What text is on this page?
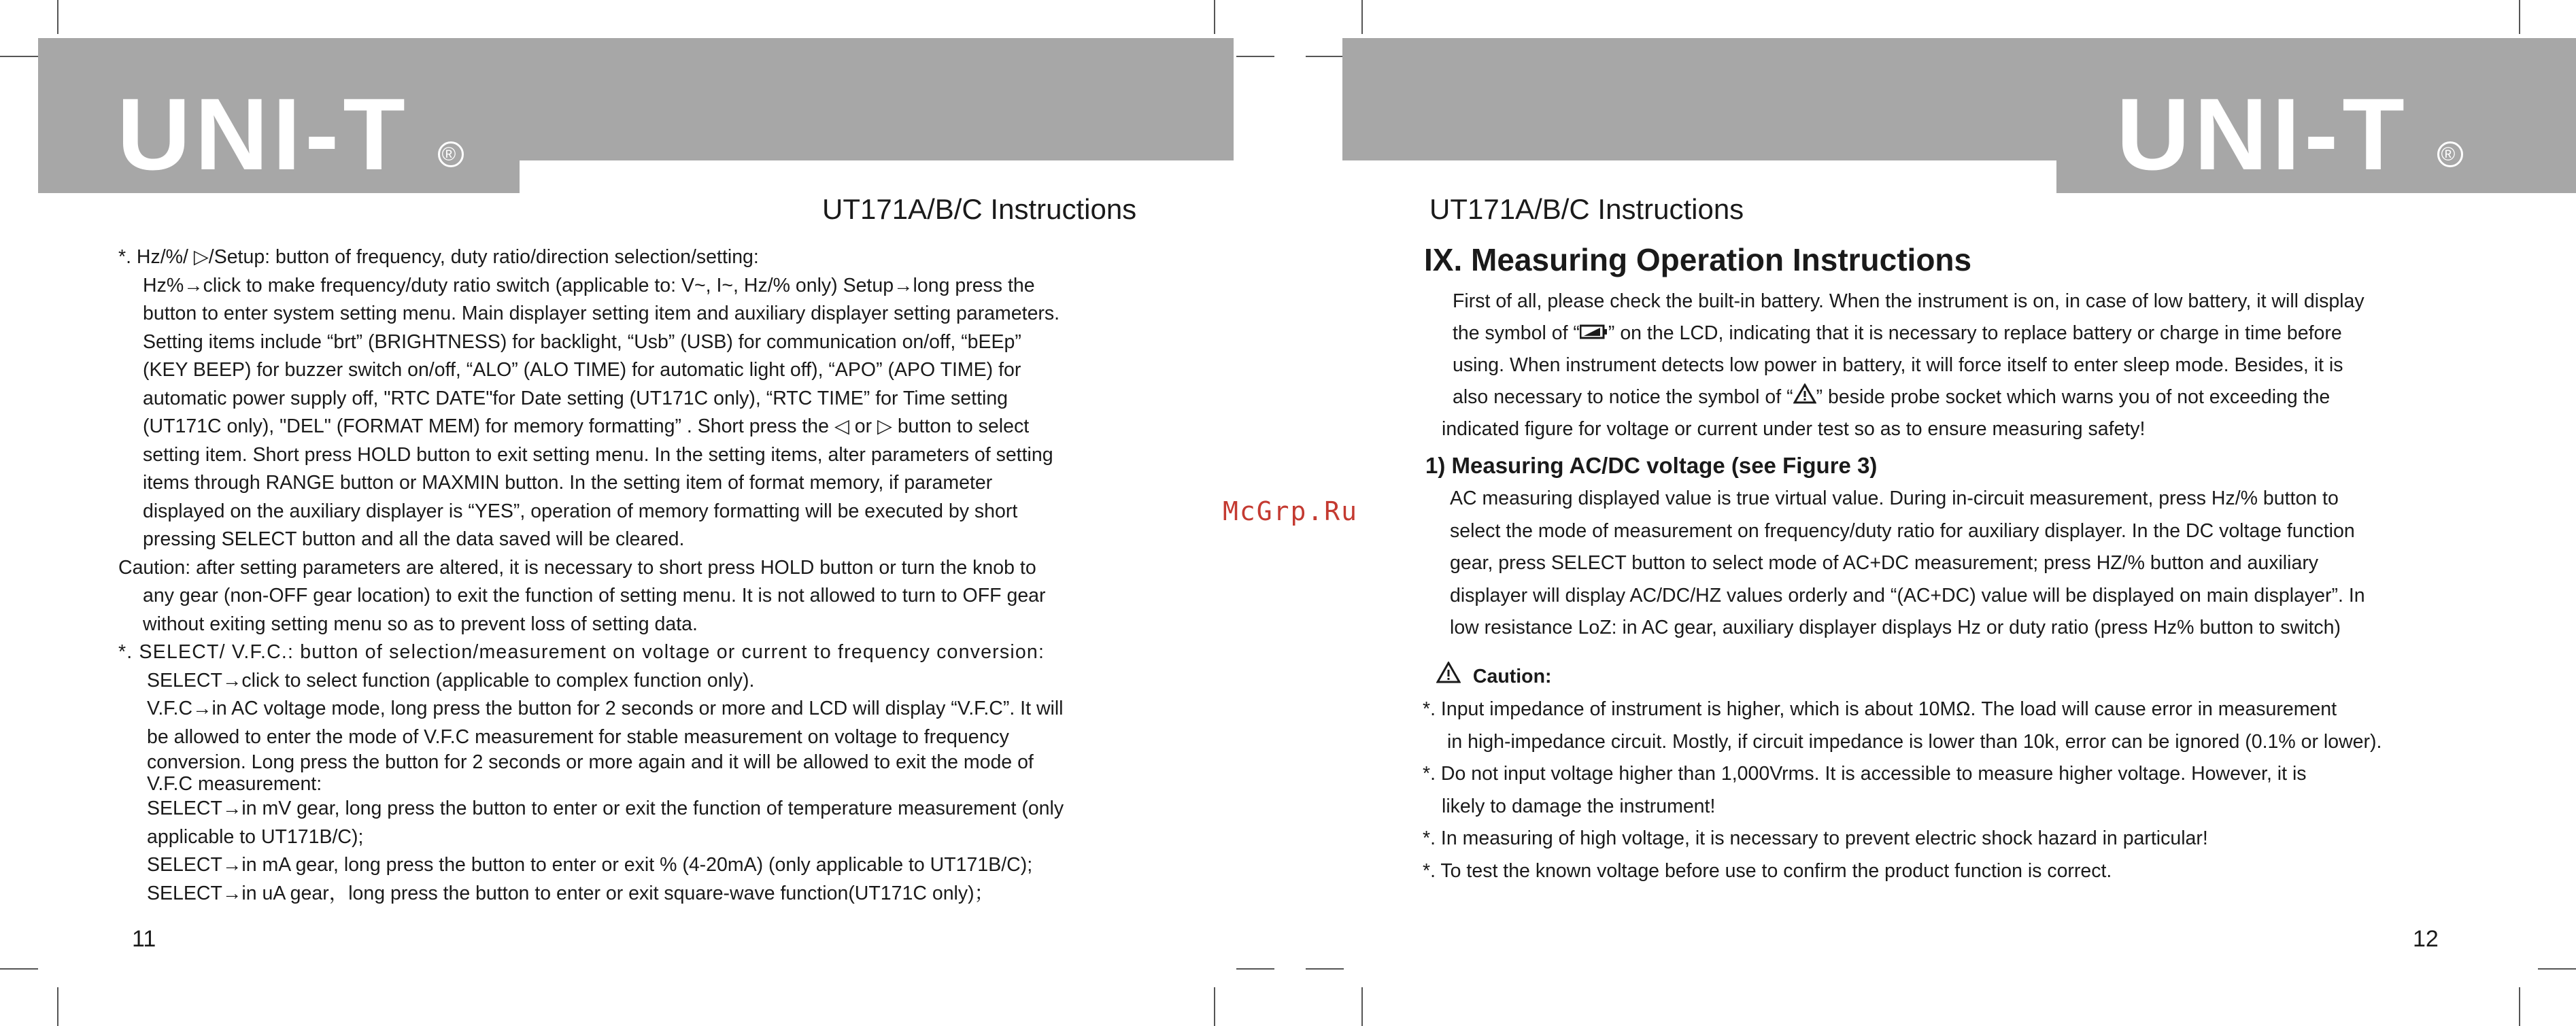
UNI-T ®
UT171A/B/C Instructions

*. Hz/%/ ▷/Setup: button of frequency, duty ratio/direction selection/setting:

Hz%→click to make frequency/duty ratio switch (applicable to: V~, I~, Hz/% only) Setup→long press the

button to enter system setting menu. Main displayer setting item and auxiliary displayer setting parameters.

Setting items include “brt” (BRIGHTNESS) for backlight, “Usb” (USB) for communication on/off, “bEEp”

(KEY BEEP) for buzzer switch on/off, “ALO” (ALO TIME) for automatic light off), “APO” (APO TIME) for

automatic power supply off, "RTC DATE"for Date setting (UT171C only), “RTC TIME” for Time setting

(UT171C only), "DEL" (FORMAT MEM) for memory formatting” . Short press the ◁ or ▷ button to select

setting item. Short press HOLD button to exit setting menu. In the setting items, alter parameters of setting

items through RANGE button or MAXMIN button. In the setting item of format memory, if parameter

displayed on the auxiliary displayer is “YES”, operation of memory formatting will be executed by short

pressing SELECT button and all the data saved will be cleared.

Caution: after setting parameters are altered, it is necessary to short press HOLD button or turn the knob to

any gear (non-OFF gear location) to exit the function of setting menu. It is not allowed to turn to OFF gear

without exiting setting menu so as to prevent loss of setting data.

*. SELECT/ V.F.C.: button of selection/measurement on voltage or current to frequency conversion:

SELECT→click to select function (applicable to complex function only).

V.F.C→in AC voltage mode, long press the button for 2 seconds or more and LCD will display “V.F.C”. It will

be allowed to enter the mode of V.F.C measurement for stable measurement on voltage to frequency

conversion. Long press the button for 2 seconds or more again and it will be allowed to exit the mode of

V.F.C measurement:

SELECT→in mV gear, long press the button to enter or exit the function of temperature measurement (only

applicable to UT171B/C);

SELECT→in mA gear, long press the button to enter or exit % (4-20mA) (only applicable to UT171B/C);

SELECT→in uA gear，long press the button to enter or exit square-wave function(UT171C only)；

11
McGrp.Ru
UNI-T ®
UT171A/B/C Instructions
IX. Measuring Operation Instructions

First of all, please check the built-in battery. When the instrument is on, in case of low battery, it will display

the symbol of “ ” on the LCD, indicating that it is necessary to replace battery or charge in time before

using. When instrument detects low power in battery, it will force itself to enter sleep mode. Besides, it is

also necessary to notice the symbol of “ ” beside probe socket which warns you of not exceeding the

indicated figure for voltage or current under test so as to ensure measuring safety!

1) Measuring AC/DC voltage (see Figure 3)

AC measuring displayed value is true virtual value. During in-circuit measurement, press Hz/% button to

select the mode of measurement on frequency/duty ratio for auxiliary displayer. In the DC voltage function

gear, press SELECT button to select mode of AC+DC measurement; press HZ/% button and auxiliary

displayer will display AC/DC/HZ values orderly and “(AC+DC) value will be displayed on main displayer”. In

low resistance LoZ: in AC gear, auxiliary displayer displays Hz or duty ratio (press Hz% button to switch)

Caution:

*. Input impedance of instrument is higher, which is about 10MΩ. The load will cause error in measurement

in high-impedance circuit. Mostly, if circuit impedance is lower than 10k, error can be ignored (0.1% or lower).

*. Do not input voltage higher than 1,000Vrms. It is accessible to measure higher voltage. However, it is

likely to damage the instrument!

*. In measuring of high voltage, it is necessary to prevent electric shock hazard in particular!

*. To test the known voltage before use to confirm the product function is correct.

12
